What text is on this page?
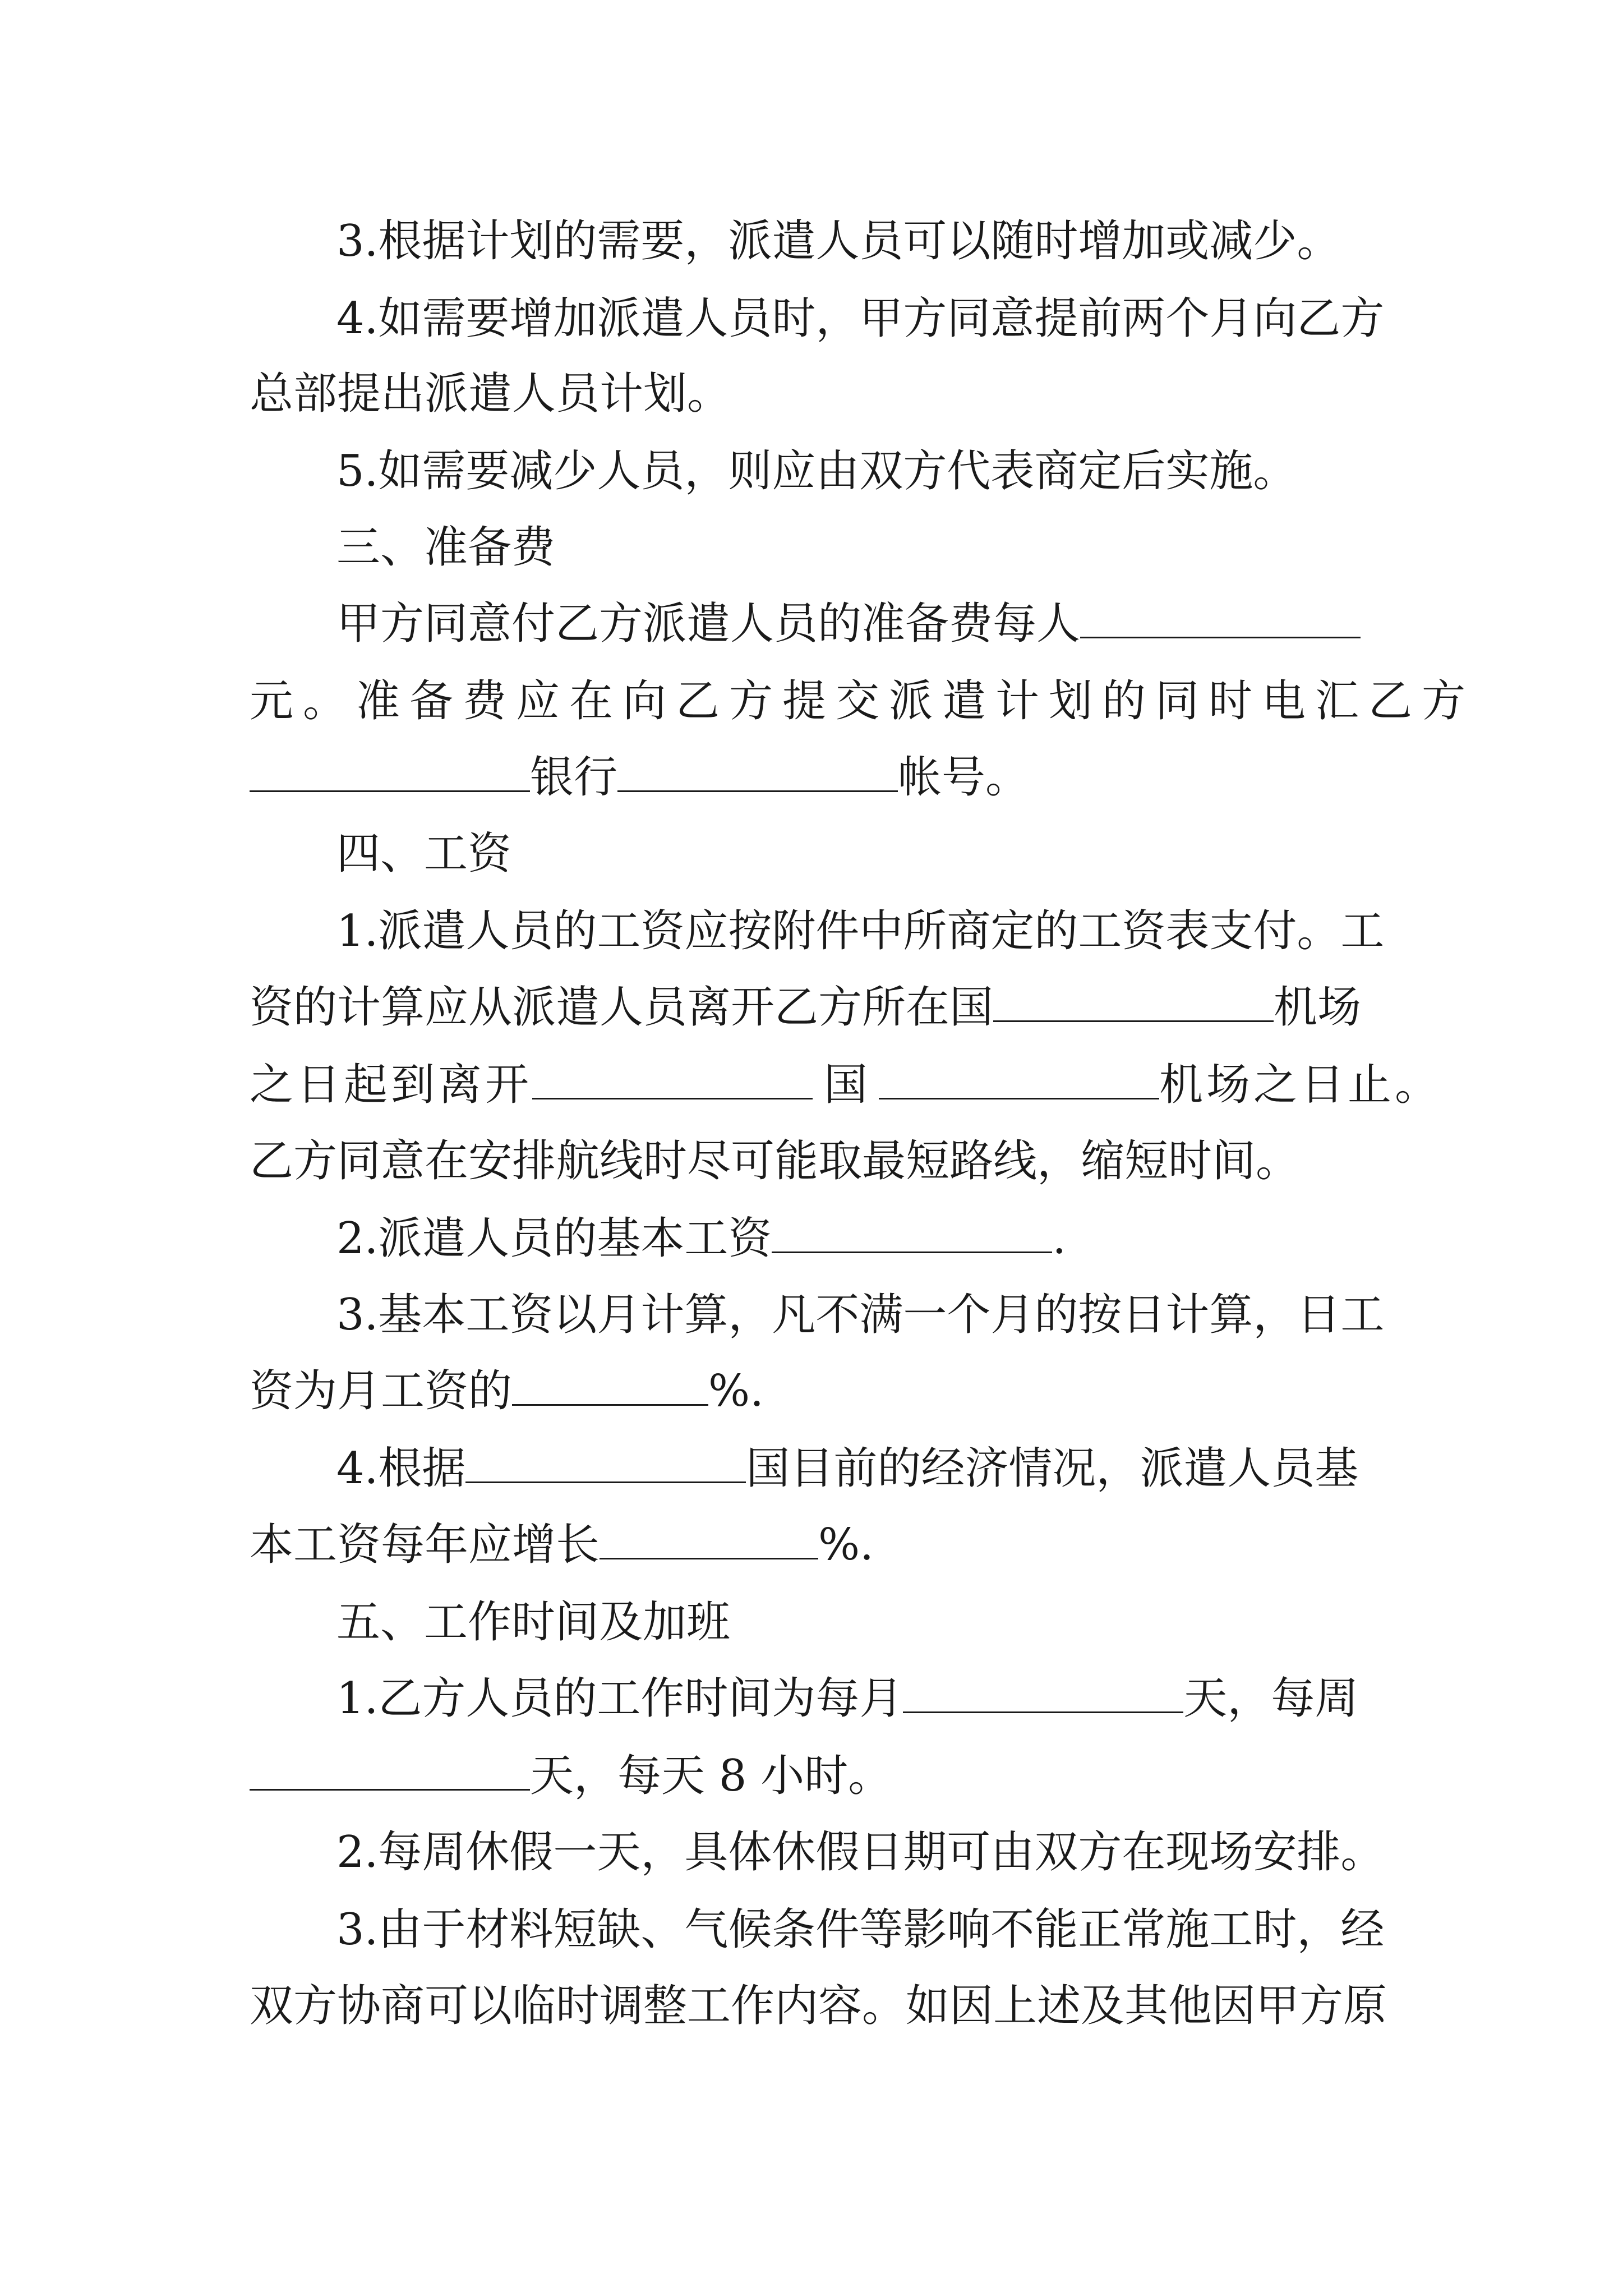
3.根据计划的需要，派遣人员可以随时增加或减少。
4.如需要增加派遣人员时，甲方同意提前两个月向乙方
总部提出派遣人员计划。
5.如需要减少人员，则应由双方代表商定后实施。
三、准备费
甲方同意付乙方派遣人员的准备费每人
元。准备费应在向乙方提交派遣计划的同时电汇乙方
银行	帐号。
四、工资
1.派遣人员的工资应按附件中所商定的工资表支付。工
资的计算应从派遣人员离开乙方所在国	机场
之日起到离开	国	机场之日止。
乙方同意在安排航线时尽可能取最短路线，缩短时间。
2.派遣人员的基本工资	.
3.基本工资以月计算，凡不满一个月的按日计算，日工
资为月工资的	%.
4.根据	国目前的经济情况，派遣人员基
本工资每年应增长	%.
五、工作时间及加班
1.乙方人员的工作时间为每月	天，每周
天，每天 8 小时。
2.每周休假一天，具体休假日期可由双方在现场安排。
3.由于材料短缺、气候条件等影响不能正常施工时，经
双方协商可以临时调整工作内容。如因上述及其他因甲方原
